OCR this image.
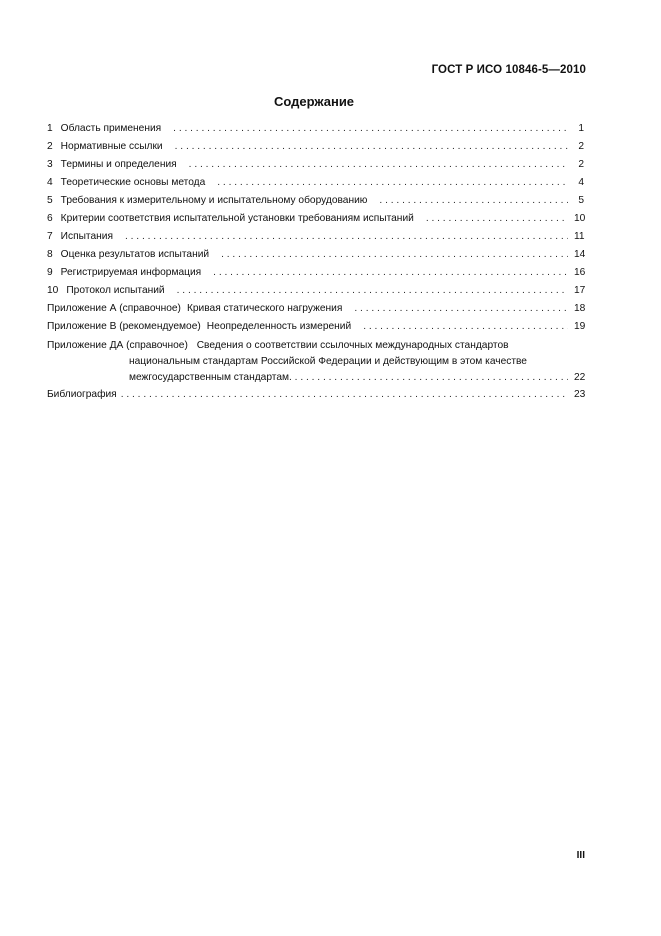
ГОСТ Р ИСО 10846-5—2010
Содержание
1 Область применения . . .	1
2 Нормативные ссылки . . .	2
3 Термины и определения . . .	2
4 Теоретические основы метода . . .	4
5 Требования к измерительному и испытательному оборудованию . . .	5
6 Критерии соответствия испытательной установки требованиям испытаний . . .	10
7 Испытания . . .	11
8 Оценка результатов испытаний . . .	14
9 Регистрируемая информация . . .	16
10 Протокол испытаний . . .	17
Приложение А (справочное) Кривая статического нагружения . . .	18
Приложение В (рекомендуемое) Неопределенность измерений . . .	19
Приложение ДА (справочное) Сведения о соответствии ссылочных международных стандартов
национальным стандартам Российской Федерации и действующим в этом качестве
межгосударственным стандартам . . .	22
Библиография . . .	23
III
